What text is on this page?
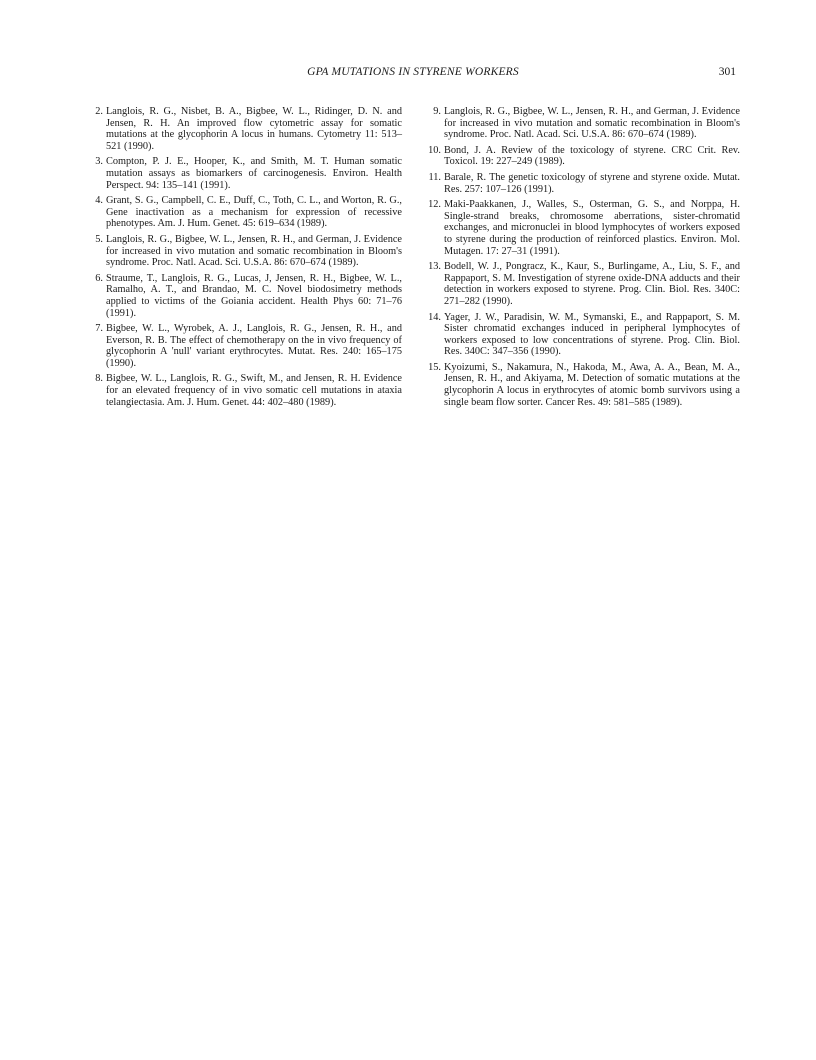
GPA MUTATIONS IN STYRENE WORKERS	301
2. Langlois, R. G., Nisbet, B. A., Bigbee, W. L., Ridinger, D. N. and Jensen, R. H. An improved flow cytometric assay for somatic mutations at the glycophorin A locus in humans. Cytometry 11: 513–521 (1990).
3. Compton, P. J. E., Hooper, K., and Smith, M. T. Human somatic mutation assays as biomarkers of carcinogenesis. Environ. Health Perspect. 94: 135–141 (1991).
4. Grant, S. G., Campbell, C. E., Duff, C., Toth, C. L., and Worton, R. G., Gene inactivation as a mechanism for expression of recessive phenotypes. Am. J. Hum. Genet. 45: 619–634 (1989).
5. Langlois, R. G., Bigbee, W. L., Jensen, R. H., and German, J. Evidence for increased in vivo mutation and somatic recombination in Bloom's syndrome. Proc. Natl. Acad. Sci. U.S.A. 86: 670–674 (1989).
6. Straume, T., Langlois, R. G., Lucas, J, Jensen, R. H., Bigbee, W. L., Ramalho, A. T., and Brandao, M. C. Novel biodosimetry methods applied to victims of the Goiania accident. Health Phys 60: 71–76 (1991).
7. Bigbee, W. L., Wyrobek, A. J., Langlois, R. G., Jensen, R. H., and Everson, R. B. The effect of chemotherapy on the in vivo frequency of glycophorin A 'null' variant erythrocytes. Mutat. Res. 240: 165–175 (1990).
8. Bigbee, W. L., Langlois, R. G., Swift, M., and Jensen, R. H. Evidence for an elevated frequency of in vivo somatic cell mutations in ataxia telangiectasia. Am. J. Hum. Genet. 44: 402–480 (1989).
9. Langlois, R. G., Bigbee, W. L., Jensen, R. H., and German, J. Evidence for increased in vivo mutation and somatic recombination in Bloom's syndrome. Proc. Natl. Acad. Sci. U.S.A. 86: 670–674 (1989).
10. Bond, J. A. Review of the toxicology of styrene. CRC Crit. Rev. Toxicol. 19: 227–249 (1989).
11. Barale, R. The genetic toxicology of styrene and styrene oxide. Mutat. Res. 257: 107–126 (1991).
12. Maki-Paakkanen, J., Walles, S., Osterman, G. S., and Norppa, H. Single-strand breaks, chromosome aberrations, sister-chromatid exchanges, and micronuclei in blood lymphocytes of workers exposed to styrene during the production of reinforced plastics. Environ. Mol. Mutagen. 17: 27–31 (1991).
13. Bodell, W. J., Pongracz, K., Kaur, S., Burlingame, A., Liu, S. F., and Rappaport, S. M. Investigation of styrene oxide-DNA adducts and their detection in workers exposed to styrene. Prog. Clin. Biol. Res. 340C: 271–282 (1990).
14. Yager, J. W., Paradisin, W. M., Symanski, E., and Rappaport, S. M. Sister chromatid exchanges induced in peripheral lymphocytes of workers exposed to low concentrations of styrene. Prog. Clin. Biol. Res. 340C: 347–356 (1990).
15. Kyoizumi, S., Nakamura, N., Hakoda, M., Awa, A. A., Bean, M. A., Jensen, R. H., and Akiyama, M. Detection of somatic mutations at the glycophorin A locus in erythrocytes of atomic bomb survivors using a single beam flow sorter. Cancer Res. 49: 581–585 (1989).
